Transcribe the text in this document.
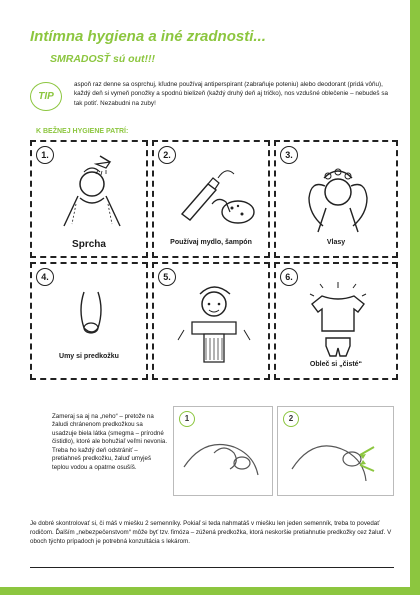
Intímna hygiena a iné zradnosti...
SMRADOSŤ sú out!!!
TIP
aspoň raz denne sa osprchuj, kľudne používaj antiperspirant (zabraňuje poteniu) alebo deodorant (pridá vôňu), každý deň si vymeň ponožky a spodnú bielizeň (každý druhý deň aj tričko), nos vzdušné oblečenie – nebudeš sa tak potiť. Nezabudni na zuby!
K BEŽNEJ HYGIENE PATRÍ:
1.
Sprcha
2.
Používaj mydlo, šampón
3.
Vlasy
4.
Umy si predkožku
5.	6.
Obleč si „čisté“
Zameraj sa aj na „neho“ – pretože na žaludi chránenom predkožkou sa usadzuje biela látka (smegma – prírodné čistidlo), ktoré ale bohužiaľ veľmi nevonia. Treba ho každý deň odstrániť – pretiahneš predkožku, žaluď umyješ teplou vodou a opatrne osušíš.
1	2
Je dobré skontrolovať si, či máš v miešku 2 semenníky. Pokiaľ si teda nahmatáš v miešku len jeden semenník, treba to povedať rodičom. Ďalším „nebezpečenstvom“ môže byť tzv. fimóza – zúžená predkožka, ktorá neskoršie pretiahnutie predkožky cez žaluď. V oboch týchto prípadoch je potrebná konzultácia s lekárom.
